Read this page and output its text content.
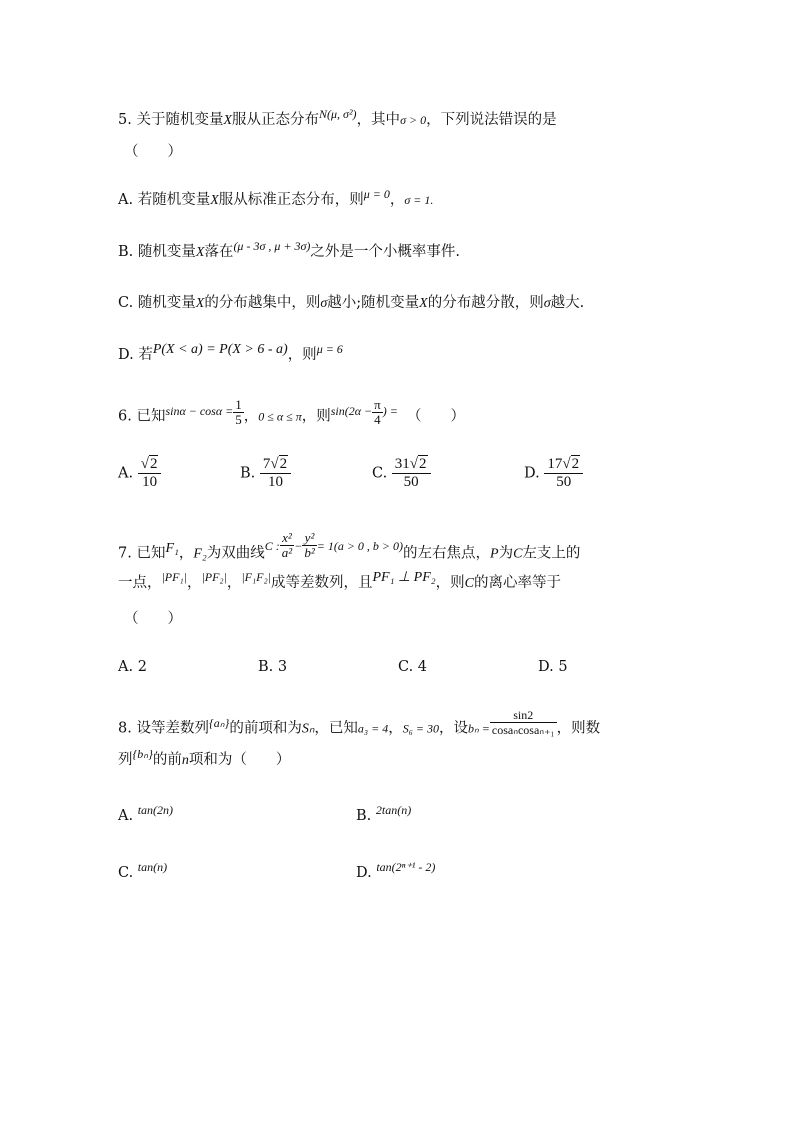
5. 关于随机变量X服从正态分布$^{N(\mu, \sigma^2)}$，其中σ > 0，下列说法错误的是
（　　）
A. 若随机变量X服从标准正态分布，则$^{\mu = 0}$，σ = 1.
B. 随机变量X落在$^{(\mu - 3\sigma , \mu + 3\sigma)}$之外是一个小概率事件.
C. 随机变量X的分布越集中，则σ越小;随机变量X的分布越分散，则σ越大.
D. 若P(X < a) = P(X > 6 - a)，则$^{\mu = 6}$
6. 已知$^{sin\alpha - cos\alpha =} \frac{1}{5}$ ，0 ≤ α ≤ π，则$^{sin(2\alpha -} \frac{\pi}{4} ^{) =}$ （　　）
A. $\frac{√2}{10}$	B. $\frac{7√2}{10}$	C. $\frac{31√2}{50}$	D. $\frac{17√2}{50}$
7. 已知F₁，F₂为双曲线$^{C :} \frac{\text{x²}}{\text{a²}} ^- \frac{\text{y²}}{\text{b²}} ^{= 1(a > 0 , b > 0)}$的左右焦点，P为C左支上的
一点，$^{|PF_1|}$，$^{|PF_2|}$，$^{|F_1F_2|}$成等差数列，且PF₁ ⊥ PF₂，则C的离心率等于
（　　）
A. 2	B. 3	C. 4	D. 5
8. 设等差数列$^{\{a_n\}}$的前项和为Sₙ，已知a₃ = 4，S₆ = 30，设$b_n = \frac{\sin 2}{\text{cosaₙcosaₙ₊₁}}$ ，则数
列$^{\{b_n\}}$的前n项和为（　　）
A. $^{tan(2n)}$	B. $^{2tan(n)}$
C. $^{tan(n)}$	D. $^{tan(2^{n+1} - 2)}$
